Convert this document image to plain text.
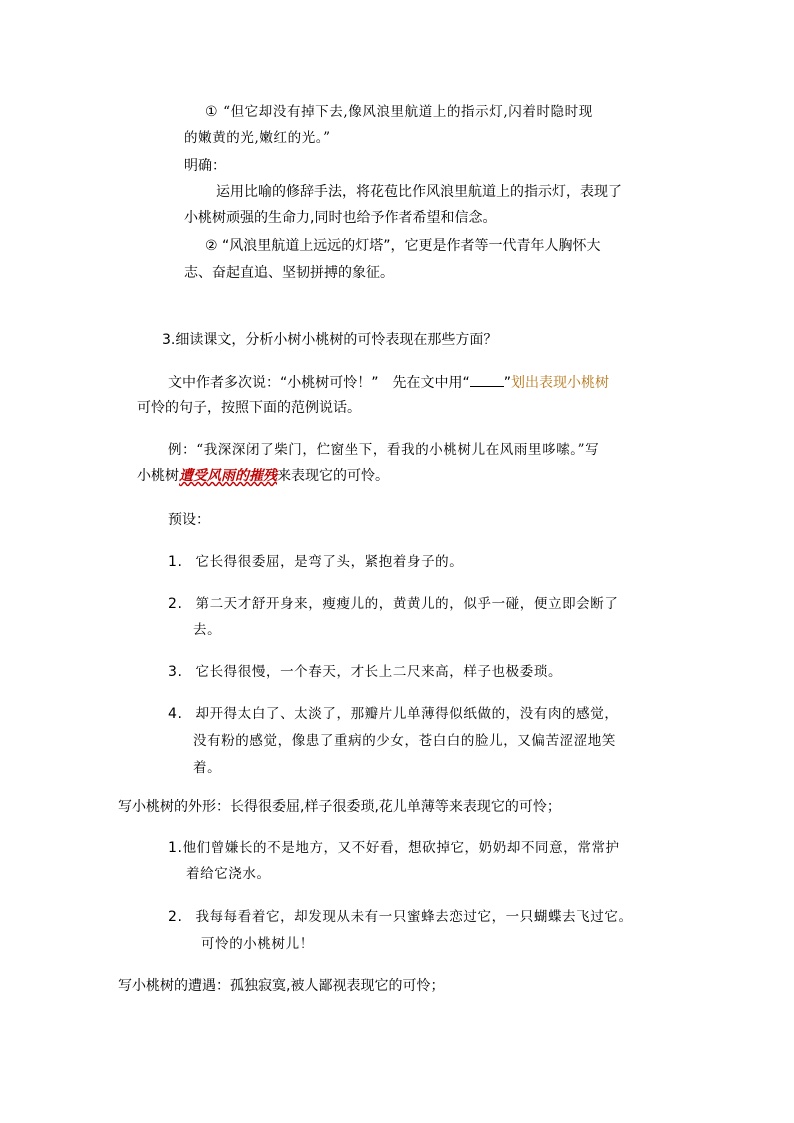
① “但它却没有掉下去,像风浪里航道上的指示灯,闪着时隐时现
的嫩黄的光,嫩红的光。”
明确：
运用比喻的修辞手法，将花苞比作风浪里航道上的指示灯，表现了
小桃树顽强的生命力,同时也给予作者希望和信念。
② “风浪里航道上远远的灯塔”，它更是作者等一代青年人胸怀大
志、奋起直追、坚韧拼搏的象征。
3.细读课文，分析小树小桃树的可怜表现在那些方面？
文中作者多次说：“小桃树可怜！”　先在文中用“ ”划出表现小桃树
可怜的句子，按照下面的范例说话。
例：“我深深闭了柴门，伫窗坐下，看我的小桃树儿在风雨里哆嗦。”写
小桃树遭受风雨的摧残来表现它的可怜。
预设：
1. 它长得很委屈，是弯了头，紧抱着身子的。
2. 第二天才舒开身来，瘦瘦儿的，黄黄儿的，似乎一碰，便立即会断了
去。
3. 它长得很慢，一个春天，才长上二尺来高，样子也极委琐。
4. 却开得太白了、太淡了，那瓣片儿单薄得似纸做的，没有肉的感觉，
没有粉的感觉，像患了重病的少女，苍白白的脸儿，又偏苦涩涩地笑
着。
写小桃树的外形：长得很委屈,样子很委琐,花儿单薄等来表现它的可怜；
1.他们曾嫌长的不是地方，又不好看，想砍掉它，奶奶却不同意，常常护
着给它浇水。
2. 我每每看着它，却发现从未有一只蜜蜂去恋过它，一只蝴蝶去飞过它。
可怜的小桃树儿！
写小桃树的遭遇：孤独寂寞,被人鄙视表现它的可怜；
